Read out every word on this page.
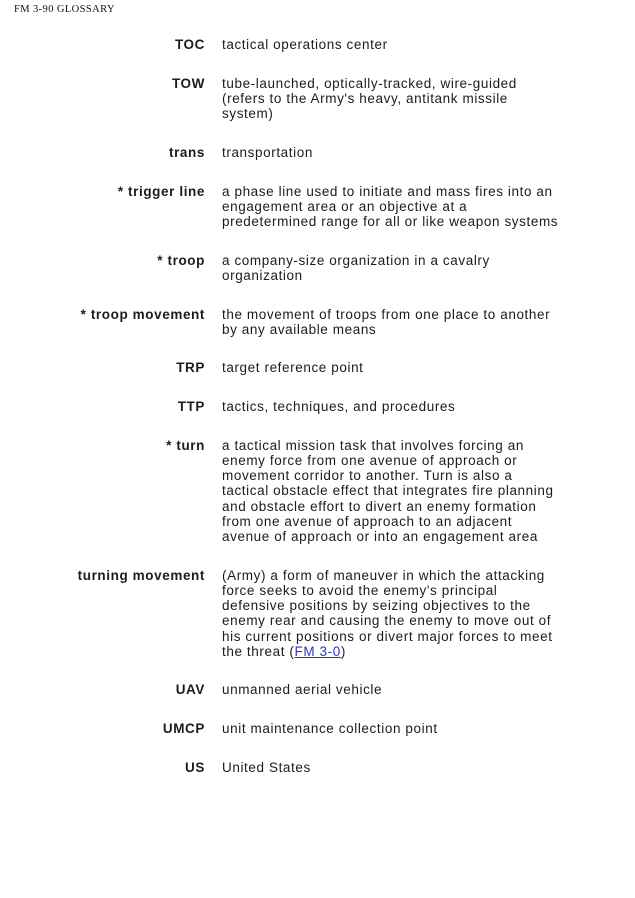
FM 3-90 GLOSSARY
TOC tactical operations center
TOW tube-launched, optically-tracked, wire-guided (refers to the Army's heavy, antitank missile system)
trans transportation
* trigger line a phase line used to initiate and mass fires into an engagement area or an objective at a predetermined range for all or like weapon systems
* troop a company-size organization in a cavalry organization
* troop movement the movement of troops from one place to another by any available means
TRP target reference point
TTP tactics, techniques, and procedures
* turn a tactical mission task that involves forcing an enemy force from one avenue of approach or movement corridor to another. Turn is also a tactical obstacle effect that integrates fire planning and obstacle effort to divert an enemy formation from one avenue of approach to an adjacent avenue of approach or into an engagement area
turning movement (Army) a form of maneuver in which the attacking force seeks to avoid the enemy's principal defensive positions by seizing objectives to the enemy rear and causing the enemy to move out of his current positions or divert major forces to meet the threat (FM 3-0)
UAV unmanned aerial vehicle
UMCP unit maintenance collection point
US United States
